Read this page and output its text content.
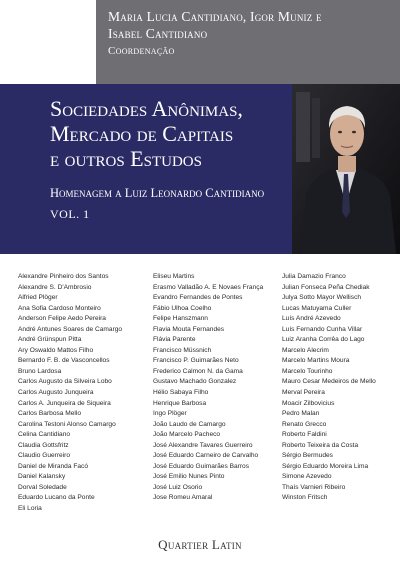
Maria Lucia Cantidiano, Igor Muniz e
Isabel Cantidiano
Coordenação
Sociedades Anônimas,
Mercado de Capitais
e outros Estudos
Homenagem a Luiz Leonardo Cantidiano
VOL. 1
Alexandre Pinheiro dos Santos
Alexandre S. D'Ambrosio
Alfried Plöger
Ana Sofia Cardoso Monteiro
Anderson Felipe Aedo Pereira
André Antunes Soares de Camargo
André Grünspun Pitta
Ary Oswaldo Mattos Filho
Bernardo F. B. de Vasconcellos
Bruno Lardosa
Carlos Augusto da Silveira Lobo
Carlos Augusto Junqueira
Carlos A. Junqueira de Siqueira
Carlos Barbosa Mello
Carolina Testoni Alonso Camargo
Celina Cantidiano
Claudia Gottsfritz
Claudio Guerreiro
Daniel de Miranda Facó
Daniel Kalansky
Dorval Soledade
Eduardo Lucano da Ponte
Eli Loria
Eliseu Martins
Erasmo Valladão A. E Novaes França
Evandro Fernandes de Pontes
Fábio Ulhoa Coelho
Felipe Hanszmann
Flavia Mouta Fernandes
Flávia Parente
Francisco Müssnich
Francisco P. Guimarães Neto
Frederico Calmon N. da Gama
Gustavo Machado Gonzalez
Hélio Sabaya Filho
Henrique Barbosa
Ingo Plöger
João Laudo de Camargo
João Marcelo Pacheco
José Alexandre Tavares Guerreiro
José Eduardo Carneiro de Carvalho
José Eduardo Guimarães Barros
José Emilio Nunes Pinto
José Luiz Osorio
Jose Romeu Amaral
Julia Damazio Franco
Julian Fonseca Peña Chediak
Julya Sotto Mayor Wellisch
Lucas Matuyama Culler
Luís André Azevedo
Luís Fernando Cunha Villar
Luiz Aranha Corrêa do Lago
Marcelo Alecrim
Marcelo Martins Moura
Marcelo Tourinho
Mauro Cesar Medeiros de Mello
Merval Pereira
Moacir Zilbovicius
Pedro Malan
Renato Grecco
Roberto Faldini
Roberto Teixeira da Costa
Sérgio Bermudes
Sérgio Eduardo Moreira Lima
Simone Azevedo
Thaís Varnieri Ribeiro
Winston Fritsch
Quartier Latin
